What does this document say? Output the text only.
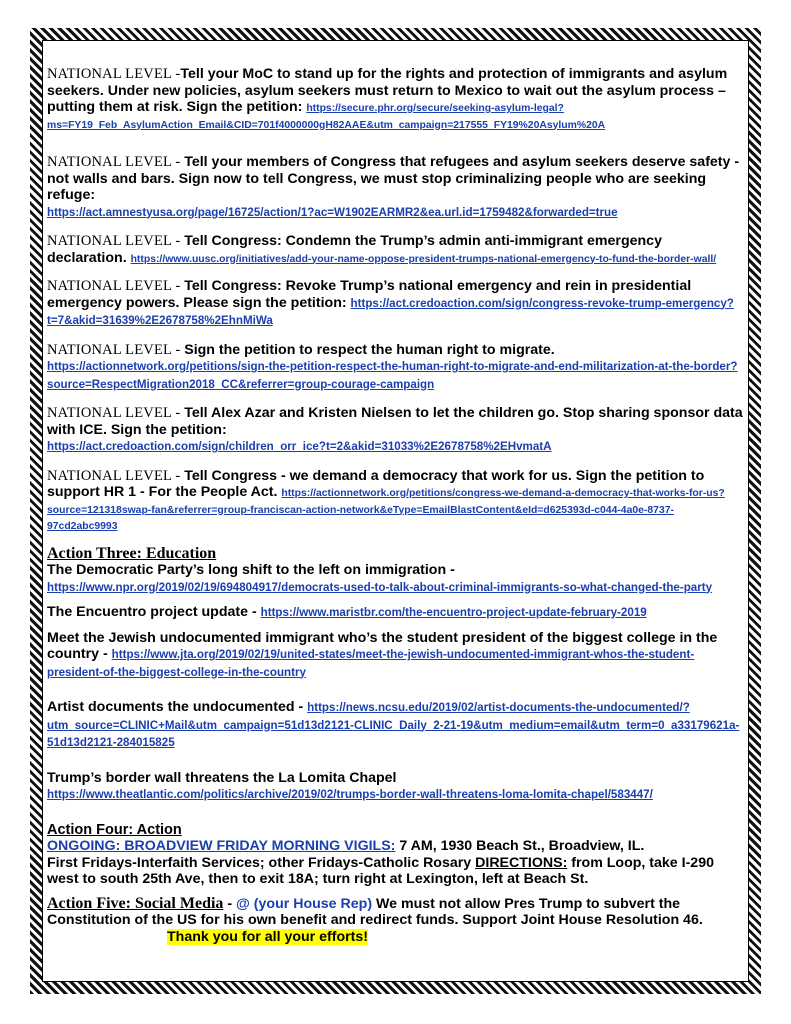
NATIONAL LEVEL -Tell your MoC to stand up for the rights and protection of immigrants and asylum seekers. Under new policies, asylum seekers must return to Mexico to wait out the asylum process – putting them at risk. Sign the petition: https://secure.phr.org/secure/seeking-asylum-legal?ms=FY19_Feb_AsylumAction_Email&CID=701f4000000gH82AAE&utm_campaign=217555_FY19%20Asylum%20A
NATIONAL LEVEL - Tell your members of Congress that refugees and asylum seekers deserve safety - not walls and bars. Sign now to tell Congress, we must stop criminalizing people who are seeking refuge:
https://act.amnestyusa.org/page/16725/action/1?ac=W1902EARMR2&ea.url.id=1759482&forwarded=true
NATIONAL LEVEL - Tell Congress: Condemn the Trump’s admin anti-immigrant emergency declaration. https://www.uusc.org/initiatives/add-your-name-oppose-president-trumps-national-emergency-to-fund-the-border-wall/
NATIONAL LEVEL - Tell Congress: Revoke Trump’s national emergency and rein in presidential emergency powers. Please sign the petition: https://act.credoaction.com/sign/congress-revoke-trump-emergency?t=7&akid=31639%2E2678758%2EhnMiWa
NATIONAL LEVEL - Sign the petition to respect the human right to migrate.
https://actionnetwork.org/petitions/sign-the-petition-respect-the-human-right-to-migrate-and-end-militarization-at-the-border?source=RespectMigration2018_CC&referrer=group-courage-campaign
NATIONAL LEVEL - Tell Alex Azar and Kristen Nielsen to let the children go. Stop sharing sponsor data with ICE. Sign the petition:
https://act.credoaction.com/sign/children_orr_ice?t=2&akid=31033%2E2678758%2EHvmatA
NATIONAL LEVEL - Tell Congress - we demand a democracy that work for us. Sign the petition to support HR 1 - For the People Act. https://actionnetwork.org/petitions/congress-we-demand-a-democracy-that-works-for-us?source=121318swap-fan&referrer=group-franciscan-action-network&eType=EmailBlastContent&eId=d625393d-c044-4a0e-8737-97cd2abc9993
Action Three: Education
The Democratic Party’s long shift to the left on immigration -
https://www.npr.org/2019/02/19/694804917/democrats-used-to-talk-about-criminal-immigrants-so-what-changed-the-party
The Encuentro project update - https://www.maristbr.com/the-encuentro-project-update-february-2019
Meet the Jewish undocumented immigrant who’s the student president of the biggest college in the country - https://www.jta.org/2019/02/19/united-states/meet-the-jewish-undocumented-immigrant-whos-the-student-president-of-the-biggest-college-in-the-country
Artist documents the undocumented - https://news.ncsu.edu/2019/02/artist-documents-the-undocumented/?utm_source=CLINIC+Mail&utm_campaign=51d13d2121-CLINIC_Daily_2-21-19&utm_medium=email&utm_term=0_a33179621a-51d13d2121-284015825
Trump’s border wall threatens the La Lomita Chapel
https://www.theatlantic.com/politics/archive/2019/02/trumps-border-wall-threatens-loma-lomita-chapel/583447/
Action Four: Action
ONGOING: BROADVIEW FRIDAY MORNING VIGILS: 7 AM, 1930 Beach St., Broadview, IL.
First Fridays-Interfaith Services; other Fridays-Catholic Rosary DIRECTIONS: from Loop, take I-290 west to south 25th Ave, then to exit 18A; turn right at Lexington, left at Beach St.
Action Five: Social Media - @ (your House Rep) We must not allow Pres Trump to subvert the Constitution of the US for his own benefit and redirect funds. Support Joint House Resolution 46. Thank you for all your efforts!
